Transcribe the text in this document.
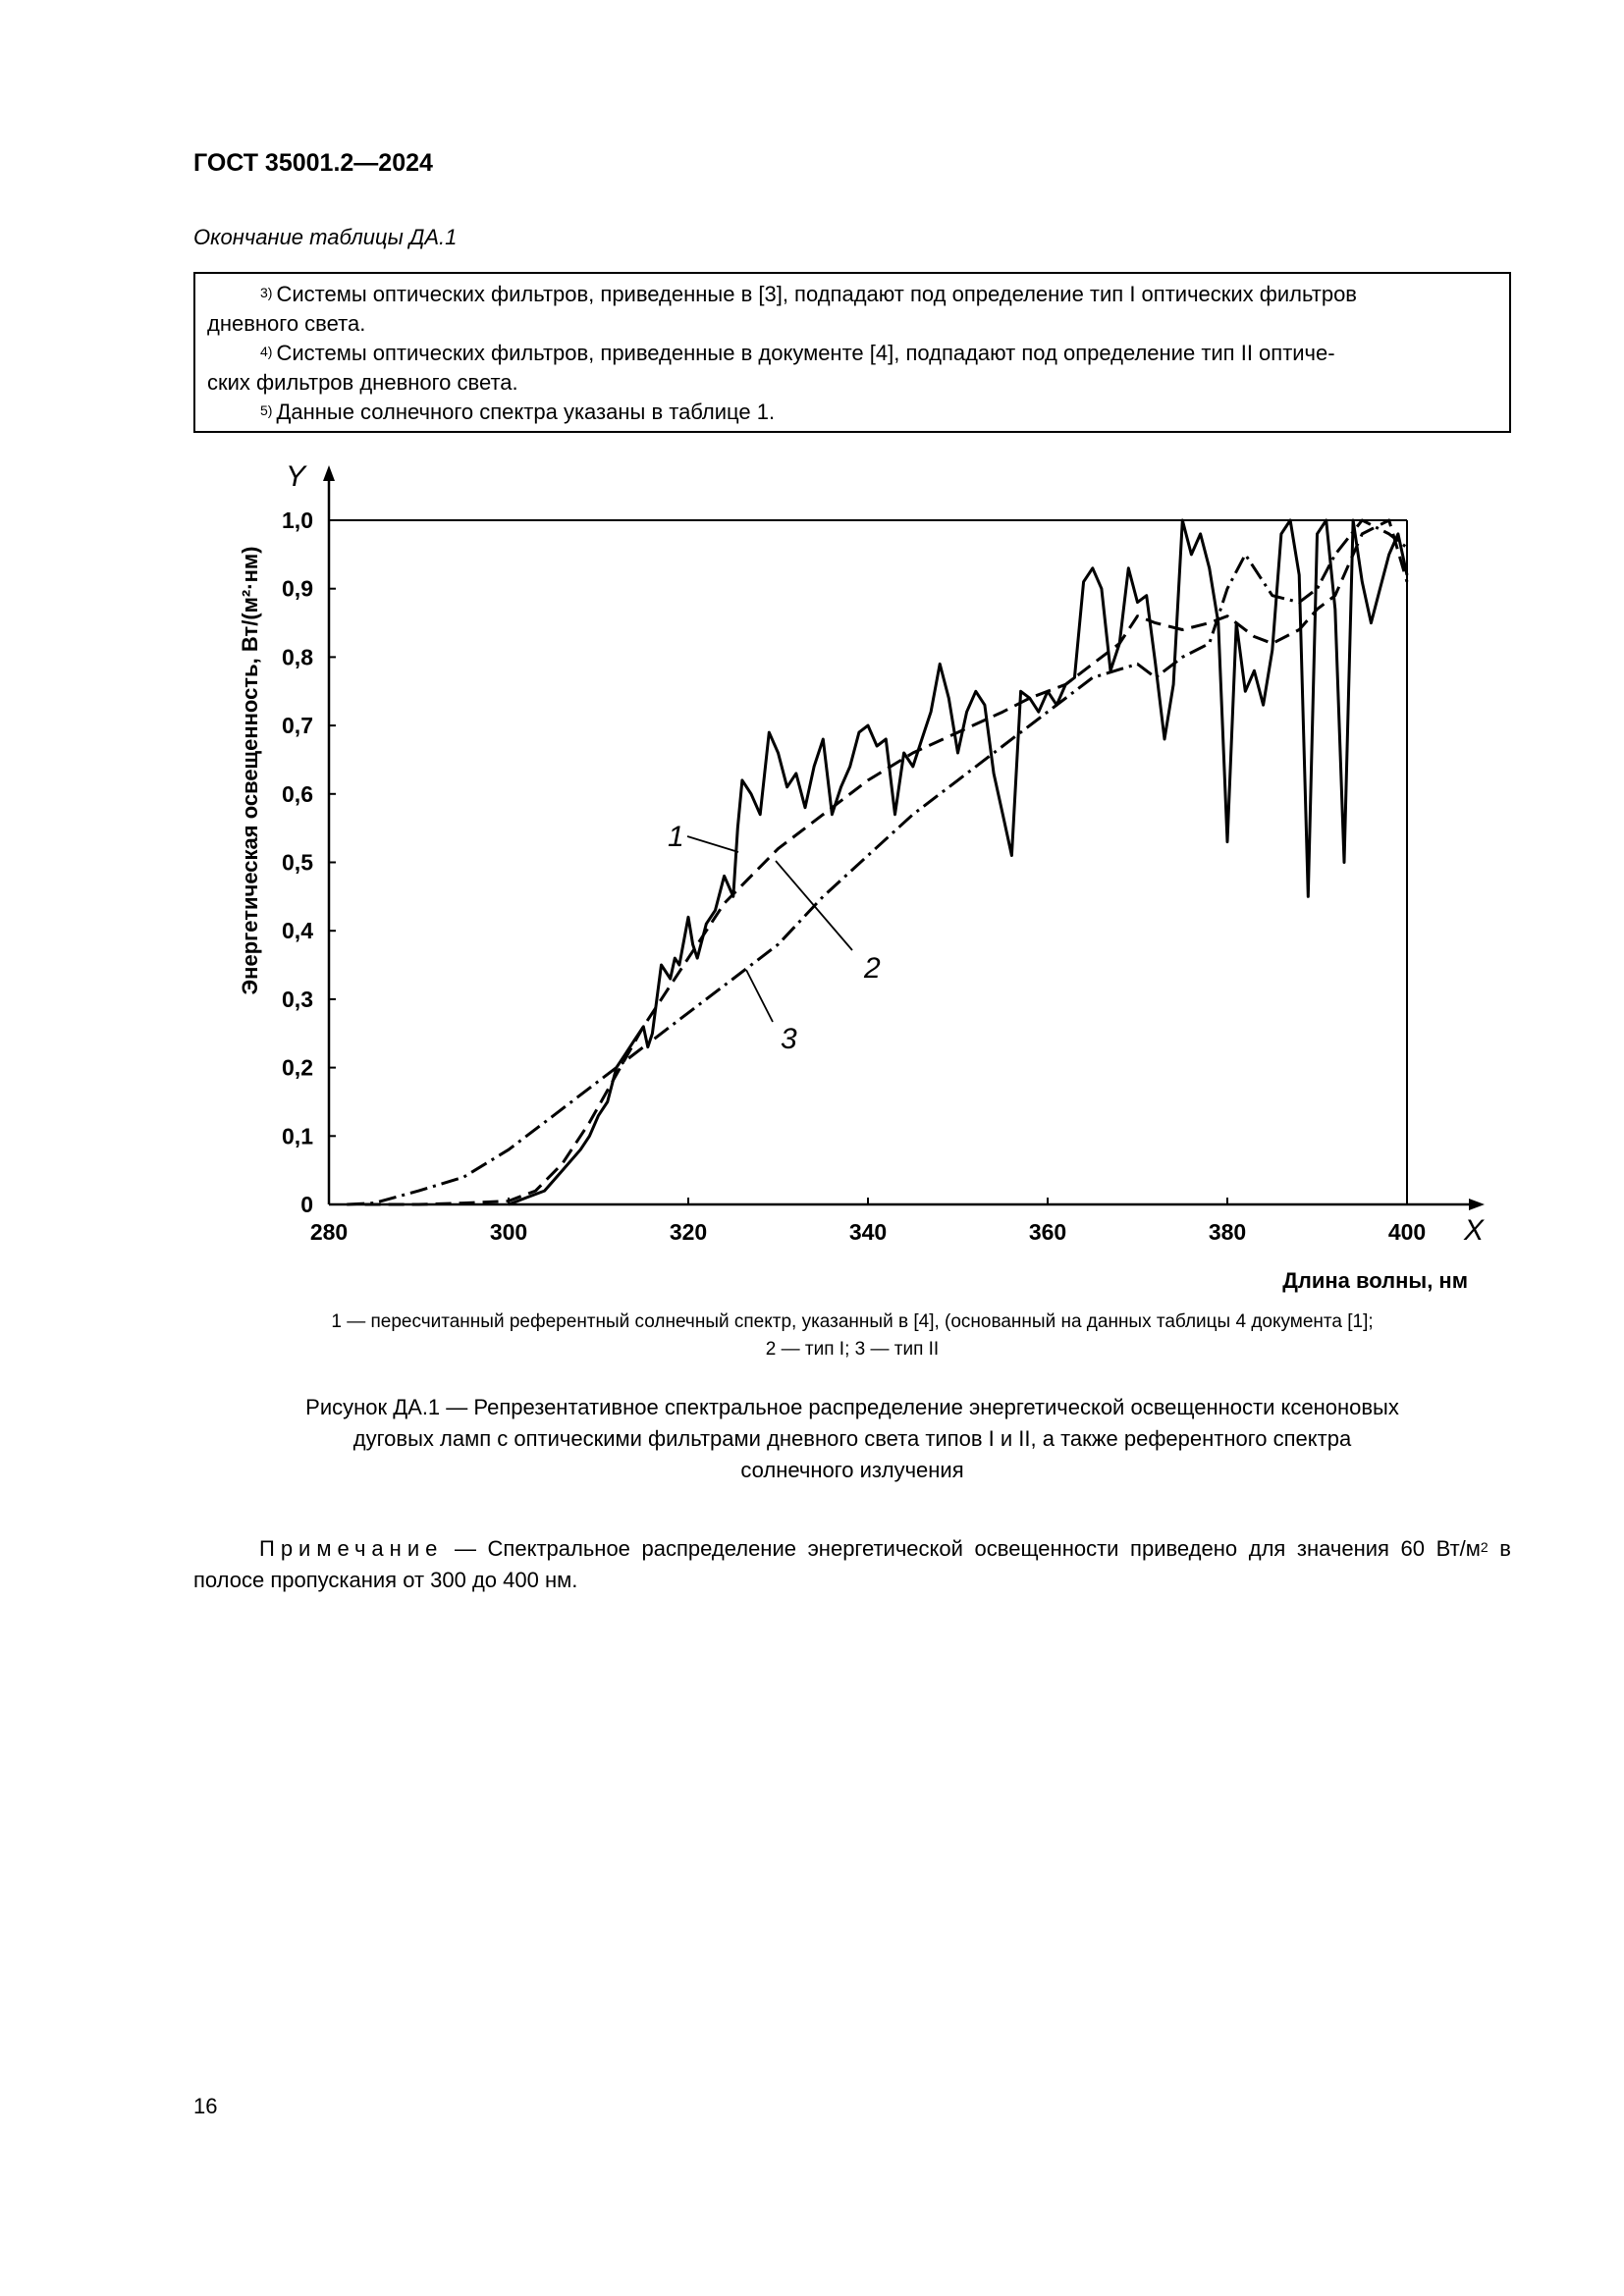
ГОСТ 35001.2—2024
Окончание таблицы ДА.1
$^{3)}$ Системы оптических фильтров, приведенные в [3], подпадают под определение тип I оптических фильтров
дневного света.
$^{4)}$ Системы оптических фильтров, приведенные в документе [4], подпадают под определение тип II оптиче-
ских фильтров дневного света.
$^{5)}$ Данные солнечного спектра указаны в таблице 1.
280	300	320	340	360	380	400
0
0,1
0,2
0,3
0,4
0,5
0,6
0,7
0,8
0,9
1,0
X
Y
Длина волны, нм
Энергетическая освещенность, Вт/(м²·нм)	1
2
3
1 — пересчитанный референтный солнечный спектр, указанный в [4], (основанный на данных таблицы 4 документа [1];
2 — тип I; 3 — тип II
Рисунок ДА.1 — Репрезентативное спектральное распределение энергетической освещенности ксеноновых
дуговых ламп с оптическими фильтрами дневного света типов I и II, а также референтного спектра
солнечного излучения
Примечание — Спектральное распределение энергетической освещенности приведено для значения 60 $Вт/м^2$ в полосе пропускания от 300 до 400 нм.
16
